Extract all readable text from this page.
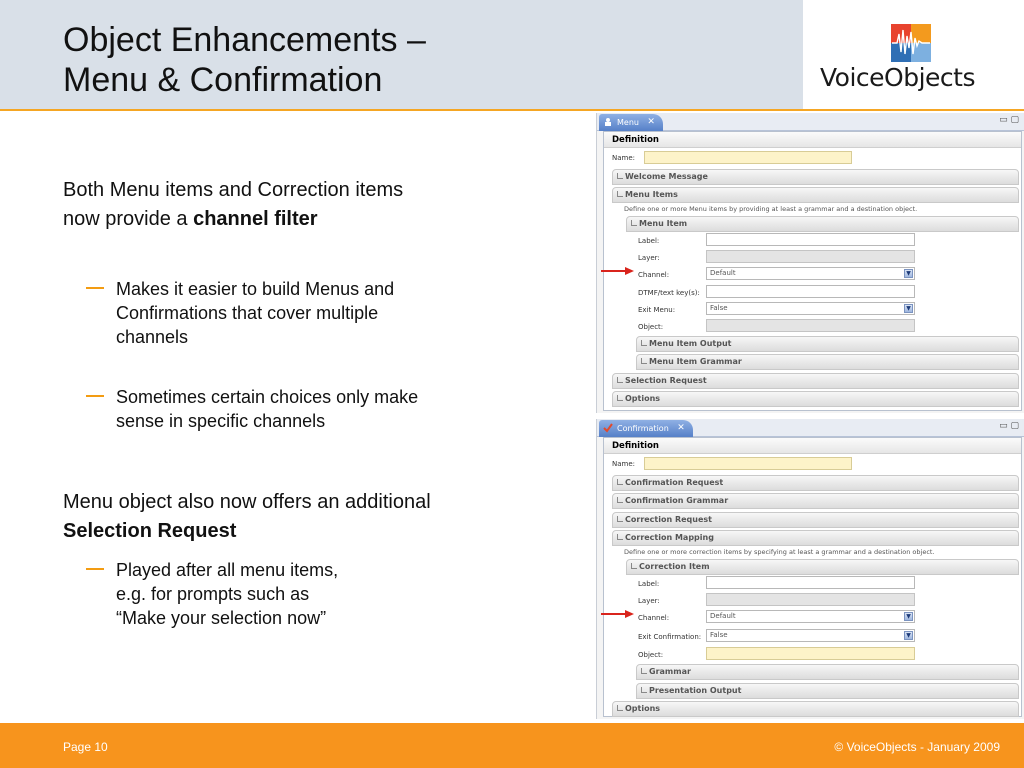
Object Enhancements –
Menu & Confirmation	VoiceObjects
Both Menu items and Correction items
now provide a channel filter
Makes it easier to build Menus and
Confirmations that cover multiple
channels
Sometimes certain choices only make
sense in specific channels
Menu object also now offers an additional
Selection Request
Played after all menu items,
e.g. for prompts such as
“Make your selection now”
Menu ✕	▭ ▢
Definition
Name:
Welcome Message
Menu Items
Define one or more Menu items by providing at least a grammar and a destination object.
Menu Item
Label:
Layer:
Channel:	Default	▼
DTMF/text key(s):
Exit Menu:	False	▼
Object:
Menu Item Output
Menu Item Grammar
Selection Request
Options
Confirmation ✕	▭ ▢
Definition
Name:
Confirmation Request
Confirmation Grammar
Correction Request
Correction Mapping
Define one or more correction items by specifying at least a grammar and a destination object.
Correction Item
Label:
Layer:
Channel:	Default	▼
Exit Confirmation:	False	▼
Object:
Grammar
Presentation Output
Options
Page 10	© VoiceObjects - January 2009
